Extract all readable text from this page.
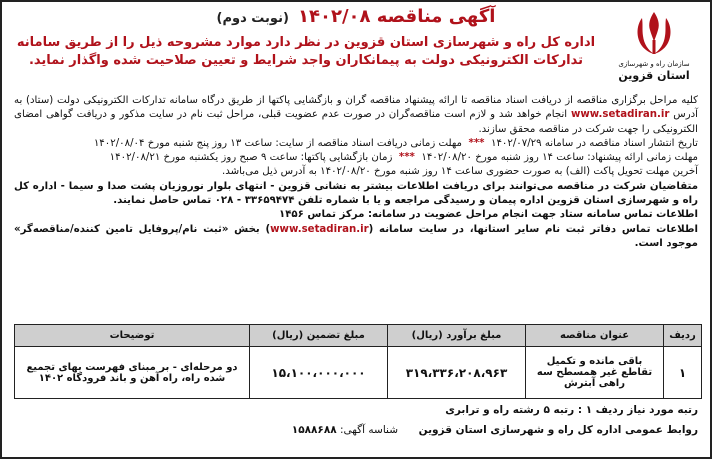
سازمان راه و شهرسازی
استان قزوین
آگهی مناقصه ۱۴۰۲/۰۸ (نوبت دوم)
اداره کل راه و شهرسازی استان قزوین در نظر دارد موارد مشروحه ذیل را از طریق سامانه تدارکات الکترونیکی دولت به پیمانکاران واجد شرایط و تعیین صلاحیت شده واگذار نماید.

کلیه مراحل برگزاری مناقصه از دریافت اسناد مناقصه تا ارائه پیشنهاد مناقصه گران و بازگشایی پاکتها از طریق درگاه سامانه تدارکات الکترونیکی دولت (ستاد) به آدرس www.setadiran.ir انجام خواهد شد و لازم است مناقصه‌گران در صورت عدم عضویت قبلی، مراحل ثبت نام در سایت مذکور و دریافت گواهی امضای الکترونیکی را جهت شرکت در مناقصه محقق سازند.

تاریخ انتشار اسناد مناقصه در سامانه ۱۴۰۲/۰۷/۲۹  ***  مهلت زمانی دریافت اسناد مناقصه از سایت: ساعت ۱۳ روز پنج شنبه مورخ ۱۴۰۲/۰۸/۰۴

مهلت زمانی ارائه پیشنهاد: ساعت ۱۴ روز شنبه مورخ ۱۴۰۲/۰۸/۲۰  ***  زمان بازگشایی پاکتها: ساعت ۹ صبح روز یکشنبه مورخ ۱۴۰۲/۰۸/۲۱

آخرین مهلت تحویل پاکت (الف) به صورت حضوری ساعت ۱۴ روز شنبه مورخ ۱۴۰۲/۰۸/۲۰ به آدرس ذیل می‌باشد.

متقاضیان شرکت در مناقصه می‌توانند برای دریافت اطلاعات بیشتر به نشانی قزوین - انتهای بلوار نوروزیان پشت صدا و سیما - اداره کل راه و شهرسازی استان قزوین اداره پیمان و رسیدگی مراجعه و یا با شماره تلفن ۳۳۶۵۹۴۷۴ - ۰۲۸ تماس حاصل نمایند.

اطلاعات تماس سامانه ستاد جهت انجام مراحل عضویت در سامانه: مرکز تماس ۱۴۵۶

اطلاعات تماس دفاتر ثبت نام سایر استانها، در سایت سامانه (www.setadiran.ir) بخش «ثبت نام/پروفایل تامین کننده/مناقصه‌گر» موجود است.

ردیف	عنوان مناقصه	مبلغ برآورد (ریال)	مبلغ تضمین (ریال)	توضیحات
۱	باقی مانده و تکمیل تقاطع غیر همسطح سه راهی آبترش	۳۱۹،۳۳۶،۲۰۸،۹۶۳	۱۵،۱۰۰،۰۰۰،۰۰۰	دو مرحله‌ای - بر مبنای فهرست بهای تجمیع شده راه، راه آهن و باند فرودگاه ۱۴۰۲
رتبه مورد نیاز ردیف ۱ : رتبه ۵ رشته راه و ترابری
روابط عمومی اداره کل راه و شهرسازی استان قزوین
شناسه آگهی: ۱۵۸۸۶۸۸
